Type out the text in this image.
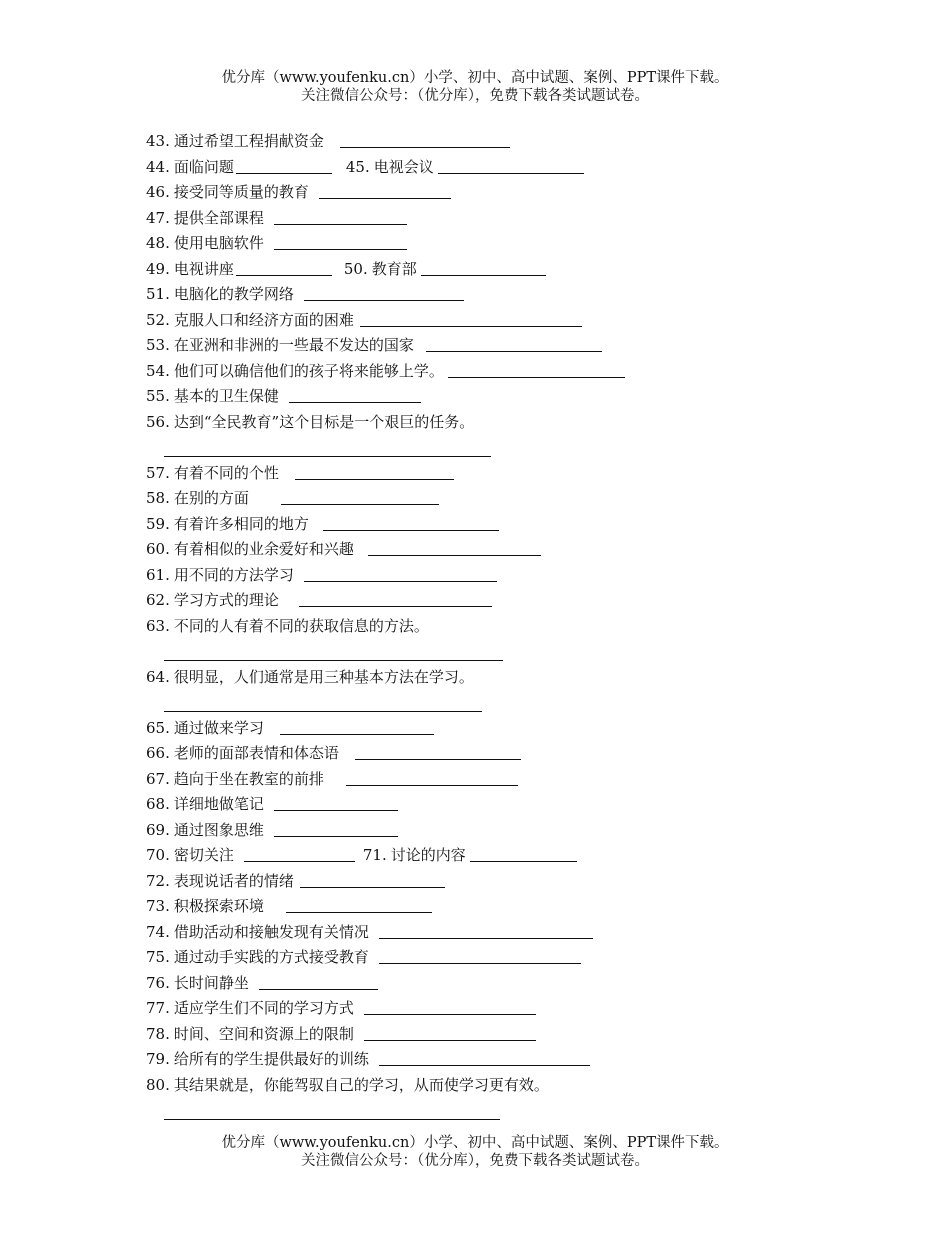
优分库（www.youfenku.cn）小学、初中、高中试题、案例、PPT课件下载。
关注微信公众号：（优分库），免费下载各类试题试卷。
43. 通过希望工程捐献资金
44. 面临问题	45. 电视会议
46. 接受同等质量的教育
47. 提供全部课程
48. 使用电脑软件
49. 电视讲座	50. 教育部
51. 电脑化的教学网络
52. 克服人口和经济方面的困难
53. 在亚洲和非洲的一些最不发达的国家
54. 他们可以确信他们的孩子将来能够上学。
55. 基本的卫生保健
56. 达到“全民教育”这个目标是一个艰巨的任务。
57. 有着不同的个性
58. 在别的方面
59. 有着许多相同的地方
60. 有着相似的业余爱好和兴趣
61. 用不同的方法学习
62. 学习方式的理论
63. 不同的人有着不同的获取信息的方法。
64. 很明显，人们通常是用三种基本方法在学习。
65. 通过做来学习
66. 老师的面部表情和体态语
67. 趋向于坐在教室的前排
68. 详细地做笔记
69. 通过图象思维
70. 密切关注	71. 讨论的内容
72. 表现说话者的情绪
73. 积极探索环境
74. 借助活动和接触发现有关情况
75. 通过动手实践的方式接受教育
76. 长时间静坐
77. 适应学生们不同的学习方式
78. 时间、空间和资源上的限制
79. 给所有的学生提供最好的训练
80. 其结果就是，你能驾驭自己的学习，从而使学习更有效。
优分库（www.youfenku.cn）小学、初中、高中试题、案例、PPT课件下载。
关注微信公众号：（优分库），免费下载各类试题试卷。
